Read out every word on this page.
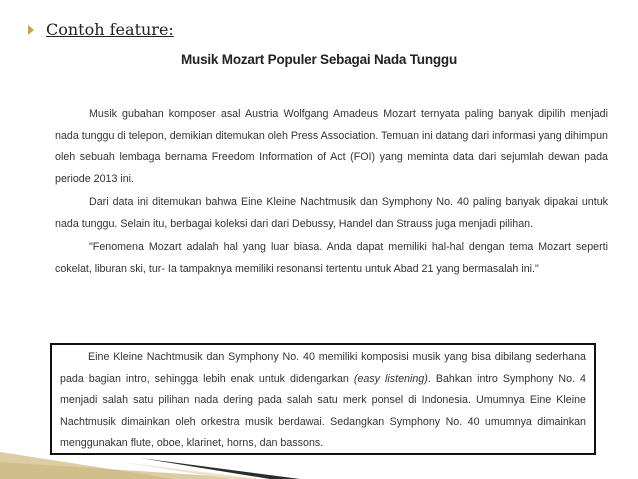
Contoh feature:
Musik Mozart Populer Sebagai Nada Tunggu

Musik gubahan komposer asal Austria Wolfgang Amadeus Mozart ternyata paling banyak dipilih menjadi nada tunggu di telepon, demikian ditemukan oleh Press Association. Temuan ini datang dari informasi yang dihimpun oleh sebuah lembaga bernama Freedom Information of Act (FOI) yang meminta data dari sejumlah dewan pada periode 2013 ini.

Dari data ini ditemukan bahwa Eine Kleine Nachtmusik dan Symphony No. 40 paling banyak dipakai untuk nada tunggu. Selain itu, berbagai koleksi dari dari Debussy, Handel dan Strauss juga menjadi pilihan.

"Fenomena Mozart adalah hal yang luar biasa. Anda dapat memiliki hal-hal dengan tema Mozart seperti cokelat, liburan ski, tur- Ia tampaknya memiliki resonansi tertentu untuk Abad 21 yang bermasalah ini."

Eine Kleine Nachtmusik dan Symphony No. 40 memiliki komposisi musik yang bisa dibilang sederhana pada bagian intro, sehingga lebih enak untuk didengarkan (easy listening). Bahkan intro Symphony No. 4 menjadi salah satu pilihan nada dering pada salah satu merk ponsel di Indonesia. Umumnya Eine Kleine Nachtmusik dimainkan oleh orkestra musik berdawai. Sedangkan Symphony No. 40 umumnya dimainkan menggunakan flute, oboe, klarinet, horns, dan bassons.
